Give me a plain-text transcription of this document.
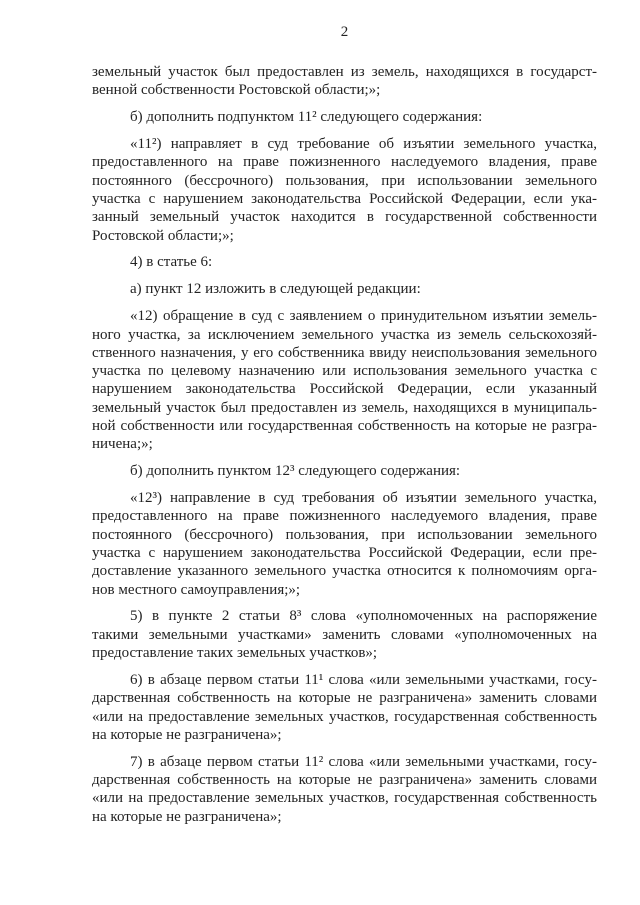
2
земельный участок был предоставлен из земель, находящихся в государст-
венной собственности Ростовской области;»;
б) дополнить подпунктом 11² следующего содержания:
«11²) направляет в суд требование об изъятии земельного участка,
предоставленного на праве пожизненного наследуемого владения, праве
постоянного (бессрочного) пользования, при использовании земельного
участка с нарушением законодательства Российской Федерации, если ука-
занный земельный участок находится в государственной собственности
Ростовской области;»;
4) в статье 6:
а) пункт 12 изложить в следующей редакции:
«12) обращение в суд с заявлением о принудительном изъятии земель-
ного участка, за исключением земельного участка из земель сельскохозяй-
ственного назначения, у его собственника ввиду неиспользования земельного
участка по целевому назначению или использования земельного участка с
нарушением законодательства Российской Федерации, если указанный
земельный участок был предоставлен из земель, находящихся в муниципаль-
ной собственности или государственная собственность на которые не разгра-
ничена;»;
б) дополнить пунктом 12³ следующего содержания:
«12³) направление в суд требования об изъятии земельного участка,
предоставленного на праве пожизненного наследуемого владения, праве
постоянного (бессрочного) пользования, при использовании земельного
участка с нарушением законодательства Российской Федерации, если пре-
доставление указанного земельного участка относится к полномочиям орга-
нов местного самоуправления;»;
5) в пункте 2 статьи 8³ слова «уполномоченных на распоряжение
такими земельными участками» заменить словами «уполномоченных на
предоставление таких земельных участков»;
6) в абзаце первом статьи 11¹ слова «или земельными участками, госу-
дарственная собственность на которые не разграничена» заменить словами
«или на предоставление земельных участков, государственная собственность
на которые не разграничена»;
7) в абзаце первом статьи 11² слова «или земельными участками, госу-
дарственная собственность на которые не разграничена» заменить словами
«или на предоставление земельных участков, государственная собственность
на которые не разграничена»;
